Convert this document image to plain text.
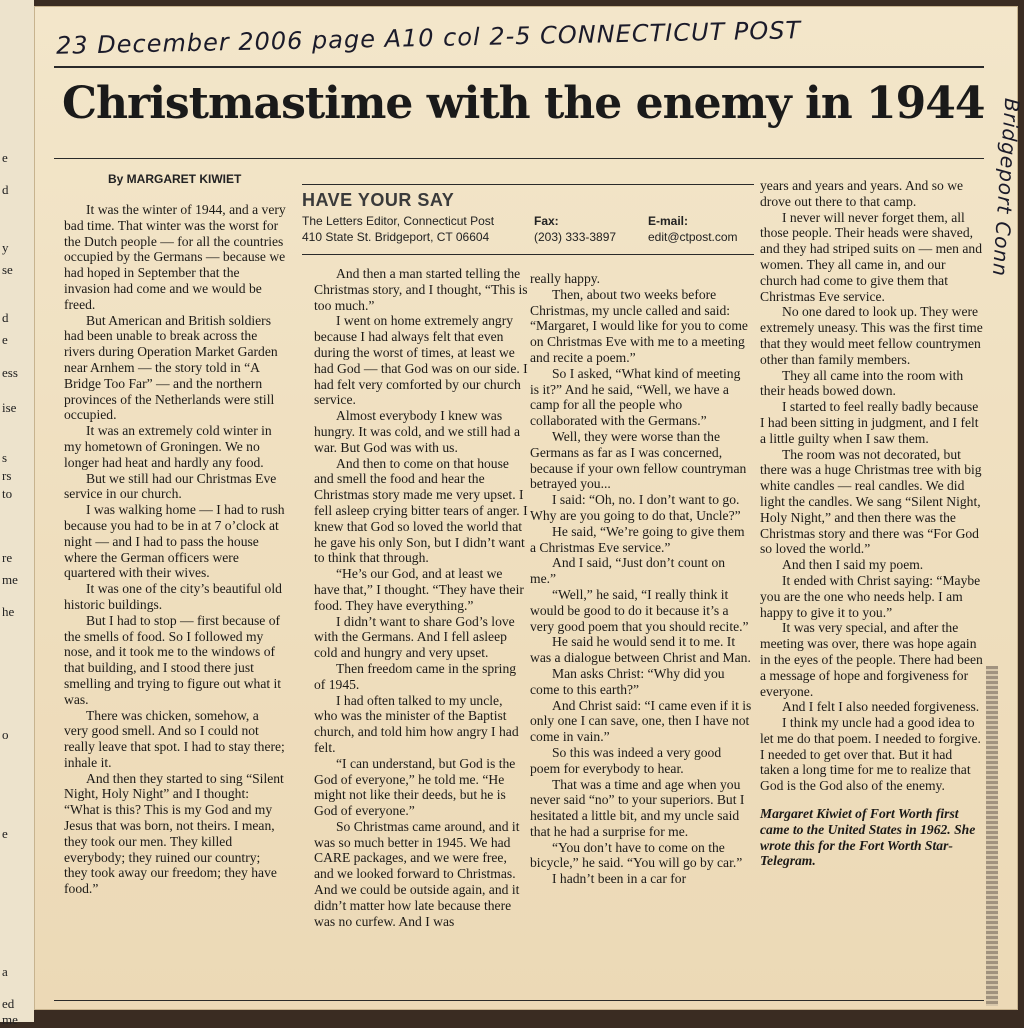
e
d
y
se
d
e
ess
ise
s
rs
to
re
me
he
o
e
a
ed
me
23 December 2006 page A10 col 2-5 CONNECTICUT POST
Christmastime with the enemy in 1944
By MARGARET KIWIET

It was the winter of 1944, and a very bad time. That winter was the worst for the Dutch people — for all the countries occupied by the Germans — because we had hoped in September that the invasion had come and we would be freed.

But American and British soldiers had been unable to break across the rivers during Operation Market Garden near Arnhem — the story told in “A Bridge Too Far” — and the northern provinces of the Netherlands were still occupied.

It was an extremely cold winter in my hometown of Groningen. We no longer had heat and hardly any food.

But we still had our Christmas Eve service in our church.

I was walking home — I had to rush because you had to be in at 7 o’clock at night — and I had to pass the house where the German officers were quartered with their wives.

It was one of the city’s beautiful old historic buildings.

But I had to stop — first because of the smells of food. So I followed my nose, and it took me to the windows of that building, and I stood there just smelling and trying to figure out what it was.

There was chicken, somehow, a very good smell. And so I could not really leave that spot. I had to stay there; inhale it.

And then they started to sing “Silent Night, Holy Night” and I thought: “What is this? This is my God and my Jesus that was born, not theirs. I mean, they took our men. They killed everybody; they ruined our country; they took away our freedom; they have food.”

HAVE YOUR SAY
The Letters Editor, Connecticut Post
410 State St. Bridgeport, CT 06604
Fax:
(203) 333-3897
E-mail:
edit@ctpost.com

And then a man started telling the Christmas story, and I thought, “This is too much.”

I went on home extremely angry because I had always felt that even during the worst of times, at least we had God — that God was on our side. I had felt very comforted by our church service.

Almost everybody I knew was hungry. It was cold, and we still had a war. But God was with us.

And then to come on that house and smell the food and hear the Christmas story made me very upset. I fell asleep crying bitter tears of anger. I knew that God so loved the world that he gave his only Son, but I didn’t want to think that through.

“He’s our God, and at least we have that,” I thought. “They have their food. They have everything.”

I didn’t want to share God’s love with the Germans. And I fell asleep cold and hungry and very upset.

Then freedom came in the spring of 1945.

I had often talked to my uncle, who was the minister of the Baptist church, and told him how angry I had felt.

“I can understand, but God is the God of everyone,” he told me. “He might not like their deeds, but he is God of everyone.”

So Christmas came around, and it was so much better in 1945. We had CARE packages, and we were free, and we looked forward to Christmas. And we could be outside again, and it didn’t matter how late because there was no curfew. And I was

really happy.

Then, about two weeks before Christmas, my uncle called and said: “Margaret, I would like for you to come on Christmas Eve with me to a meeting and recite a poem.”

So I asked, “What kind of meeting is it?” And he said, “Well, we have a camp for all the people who collaborated with the Germans.”

Well, they were worse than the Germans as far as I was concerned, because if your own fellow countryman betrayed you...

I said: “Oh, no. I don’t want to go. Why are you going to do that, Uncle?”

He said, “We’re going to give them a Christmas Eve service.”

And I said, “Just don’t count on me.”

“Well,” he said, “I really think it would be good to do it because it’s a very good poem that you should recite.”

He said he would send it to me. It was a dialogue between Christ and Man.

Man asks Christ: “Why did you come to this earth?”

And Christ said: “I came even if it is only one I can save, one, then I have not come in vain.”

So this was indeed a very good poem for everybody to hear.

That was a time and age when you never said “no” to your superiors. But I hesitated a little bit, and my uncle said that he had a surprise for me.

“You don’t have to come on the bicycle,” he said. “You will go by car.”

I hadn’t been in a car for

years and years and years. And so we drove out there to that camp.

I never will never forget them, all those people. Their heads were shaved, and they had striped suits on — men and women. They all came in, and our church had come to give them that Christmas Eve service.

No one dared to look up. They were extremely uneasy. This was the first time that they would meet fellow countrymen other than family members.

They all came into the room with their heads bowed down.

I started to feel really badly because I had been sitting in judgment, and I felt a little guilty when I saw them.

The room was not decorated, but there was a huge Christmas tree with big white candles — real candles. We did light the candles. We sang “Silent Night, Holy Night,” and then there was the Christmas story and there was “For God so loved the world.”

And then I said my poem.

It ended with Christ saying: “Maybe you are the one who needs help. I am happy to give it to you.”

It was very special, and after the meeting was over, there was hope again in the eyes of the people. There had been a message of hope and forgiveness for everyone.

And I felt I also needed forgiveness.

I think my uncle had a good idea to let me do that poem. I needed to forgive. I needed to get over that. But it had taken a long time for me to realize that God is the God also of the enemy.

Margaret Kiwiet of Fort Worth first came to the United States in 1962. She wrote this for the Fort Worth Star-Telegram.

Bridgeport Conn
